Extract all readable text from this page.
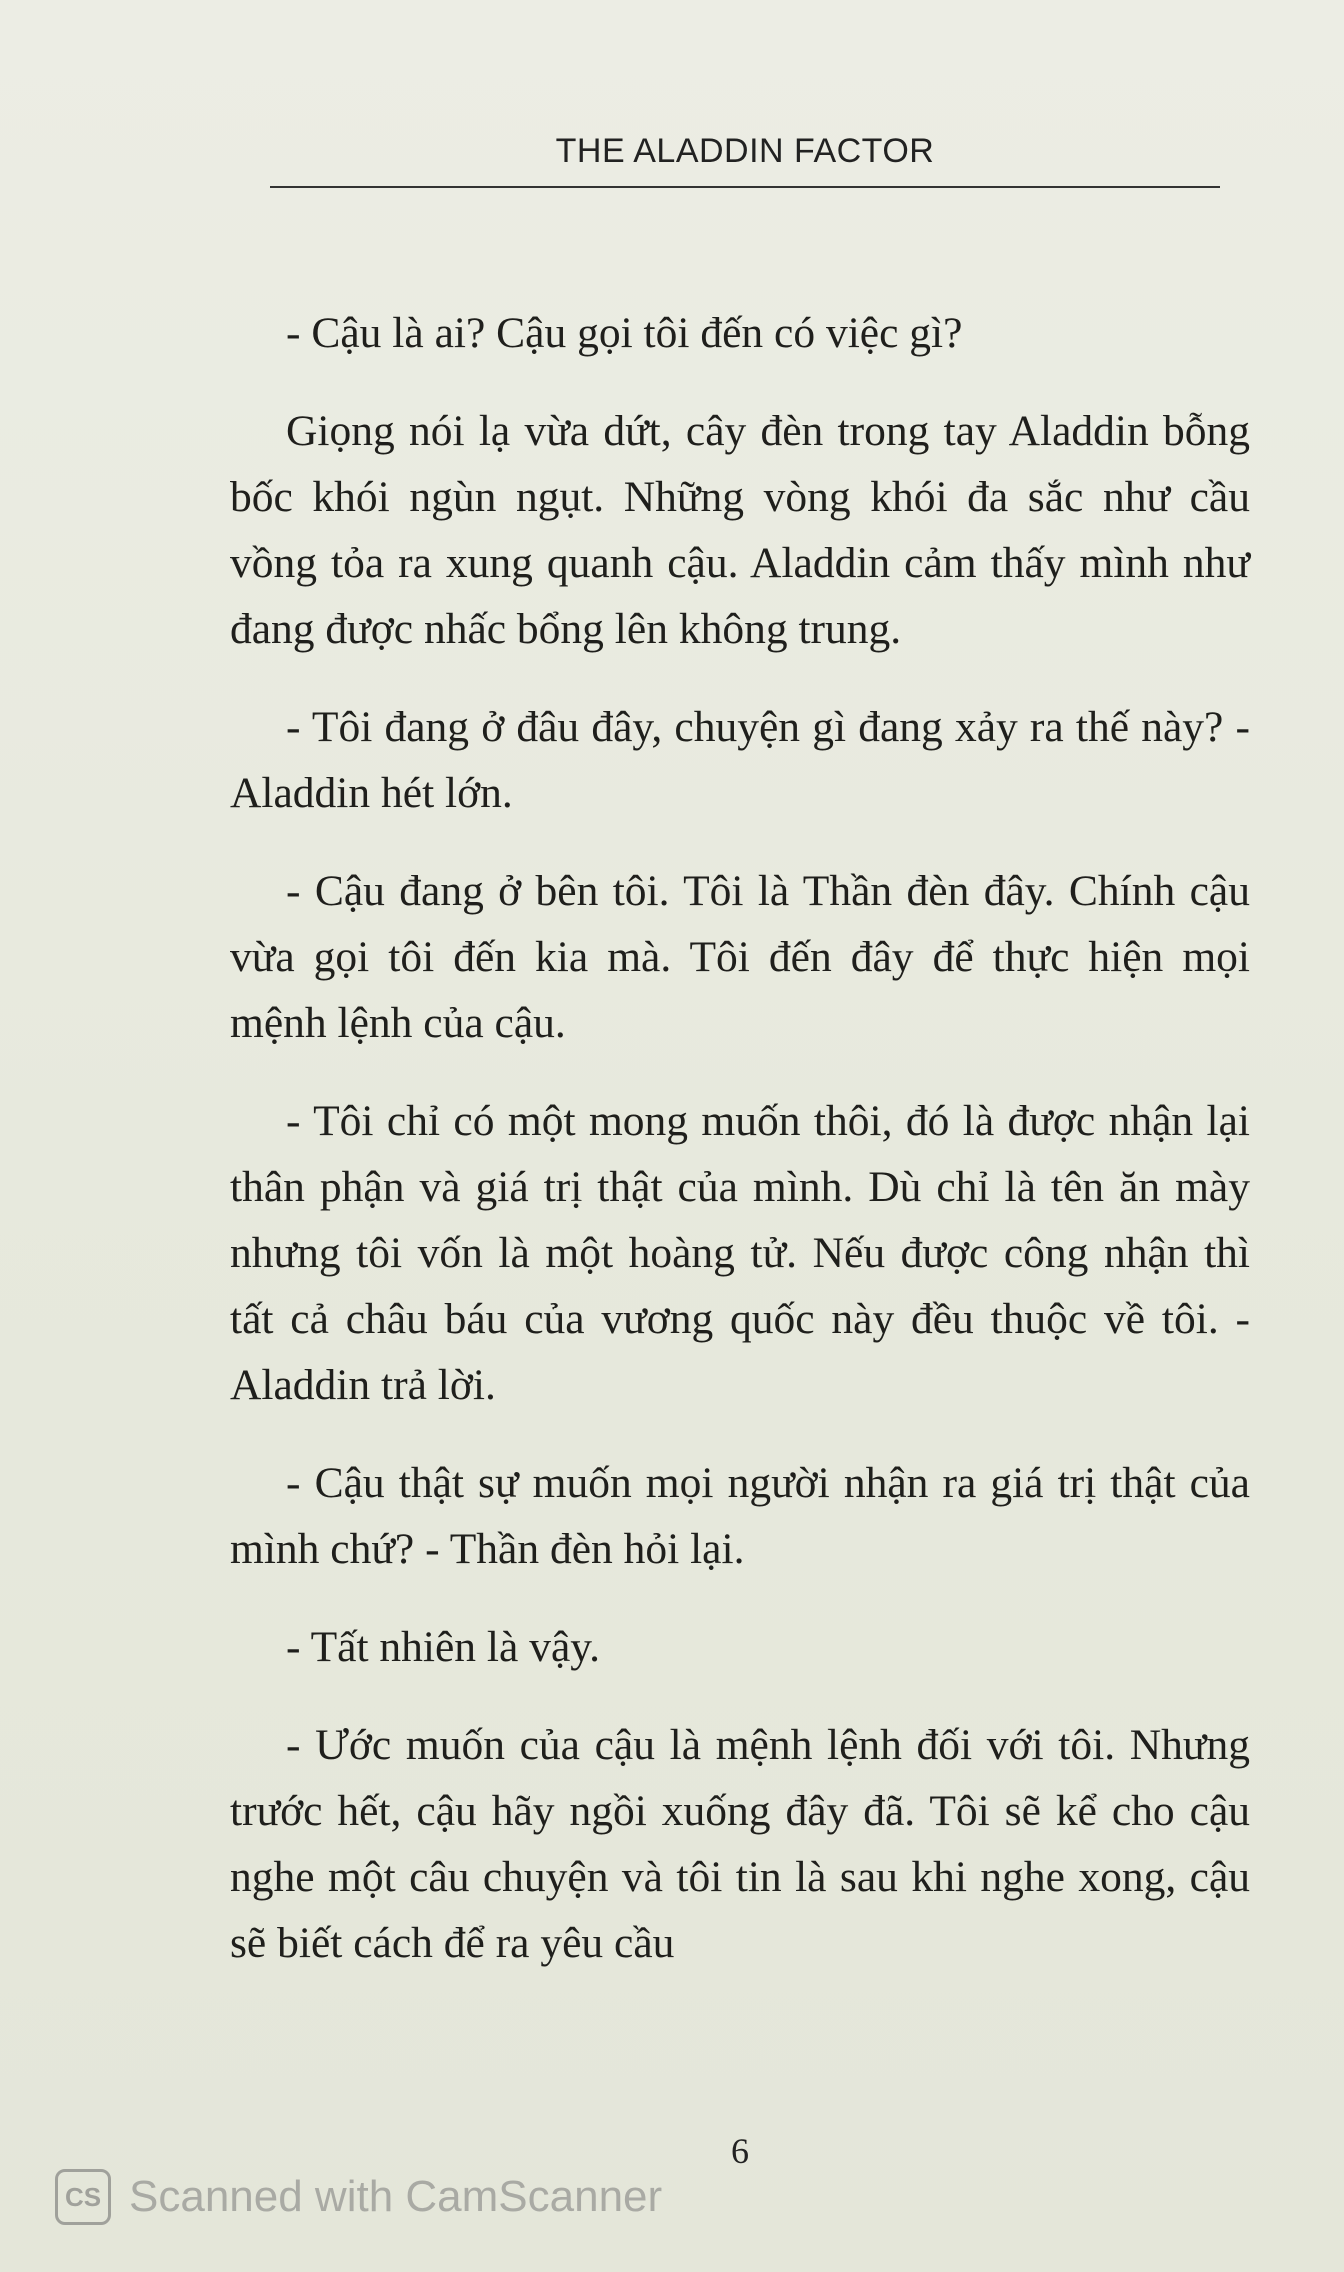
THE ALADDIN FACTOR

- Cậu là ai? Cậu gọi tôi đến có việc gì?

Giọng nói lạ vừa dứt, cây đèn trong tay Aladdin bỗng bốc khói ngùn ngụt. Những vòng khói đa sắc như cầu vồng tỏa ra xung quanh cậu. Aladdin cảm thấy mình như đang được nhấc bổng lên không trung.

- Tôi đang ở đâu đây, chuyện gì đang xảy ra thế này? - Aladdin hét lớn.

- Cậu đang ở bên tôi. Tôi là Thần đèn đây. Chính cậu vừa gọi tôi đến kia mà. Tôi đến đây để thực hiện mọi mệnh lệnh của cậu.

- Tôi chỉ có một mong muốn thôi, đó là được nhận lại thân phận và giá trị thật của mình. Dù chỉ là tên ăn mày nhưng tôi vốn là một hoàng tử. Nếu được công nhận thì tất cả châu báu của vương quốc này đều thuộc về tôi. - Aladdin trả lời.

- Cậu thật sự muốn mọi người nhận ra giá trị thật của mình chứ? - Thần đèn hỏi lại.

- Tất nhiên là vậy.

- Ước muốn của cậu là mệnh lệnh đối với tôi. Nhưng trước hết, cậu hãy ngồi xuống đây đã. Tôi sẽ kể cho cậu nghe một câu chuyện và tôi tin là sau khi nghe xong, cậu sẽ biết cách để ra yêu cầu

6
CS Scanned with CamScanner
